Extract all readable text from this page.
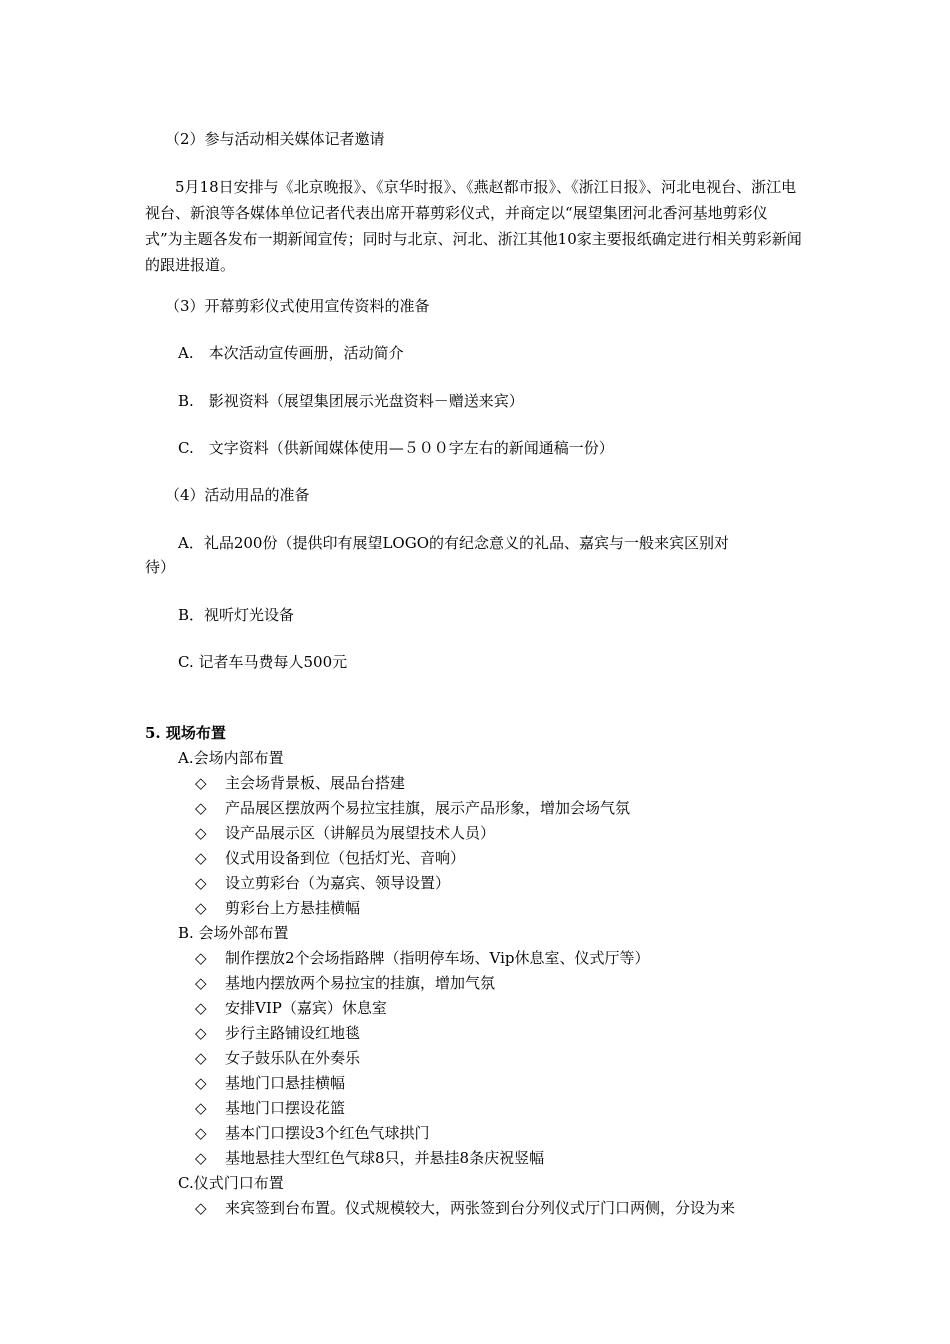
（2）参与活动相关媒体记者邀请
5月18日安排与《北京晚报》、《京华时报》、《燕赵都市报》、《浙江日报》、河北电视台、浙江电视台、新浪等各媒体单位记者代表出席开幕剪彩仪式，并商定以“展望集团河北香河基地剪彩仪式”为主题各发布一期新闻宣传；同时与北京、河北、浙江其他10家主要报纸确定进行相关剪彩新闻的跟进报道。
（3）开幕剪彩仪式使用宣传资料的准备
A.　本次活动宣传画册，活动简介
B.　影视资料（展望集团展示光盘资料－赠送来宾）
C.　文字资料（供新闻媒体使用—５００字左右的新闻通稿一份）
（4）活动用品的准备
A．礼品200份（提供印有展望LOGO的有纪念意义的礼品、嘉宾与一般来宾区别对
待）
B．视听灯光设备
C. 记者车马费每人500元
5. 现场布置
A.会场内部布置
◇ 主会场背景板、展品台搭建
◇ 产品展区摆放两个易拉宝挂旗，展示产品形象，增加会场气氛
◇ 设产品展示区（讲解员为展望技术人员）
◇ 仪式用设备到位（包括灯光、音响）
◇ 设立剪彩台（为嘉宾、领导设置）
◇ 剪彩台上方悬挂横幅
B. 会场外部布置
◇ 制作摆放2个会场指路牌（指明停车场、Vip休息室、仪式厅等）
◇ 基地内摆放两个易拉宝的挂旗，增加气氛
◇ 安排VIP（嘉宾）休息室
◇ 步行主路铺设红地毯
◇ 女子鼓乐队在外奏乐
◇ 基地门口悬挂横幅
◇ 基地门口摆设花篮
◇ 基本门口摆设3个红色气球拱门
◇ 基地悬挂大型红色气球8只，并悬挂8条庆祝竖幅
C.仪式门口布置
◇ 来宾签到台布置。仪式规模较大，两张签到台分列仪式厅门口两侧，分设为来
